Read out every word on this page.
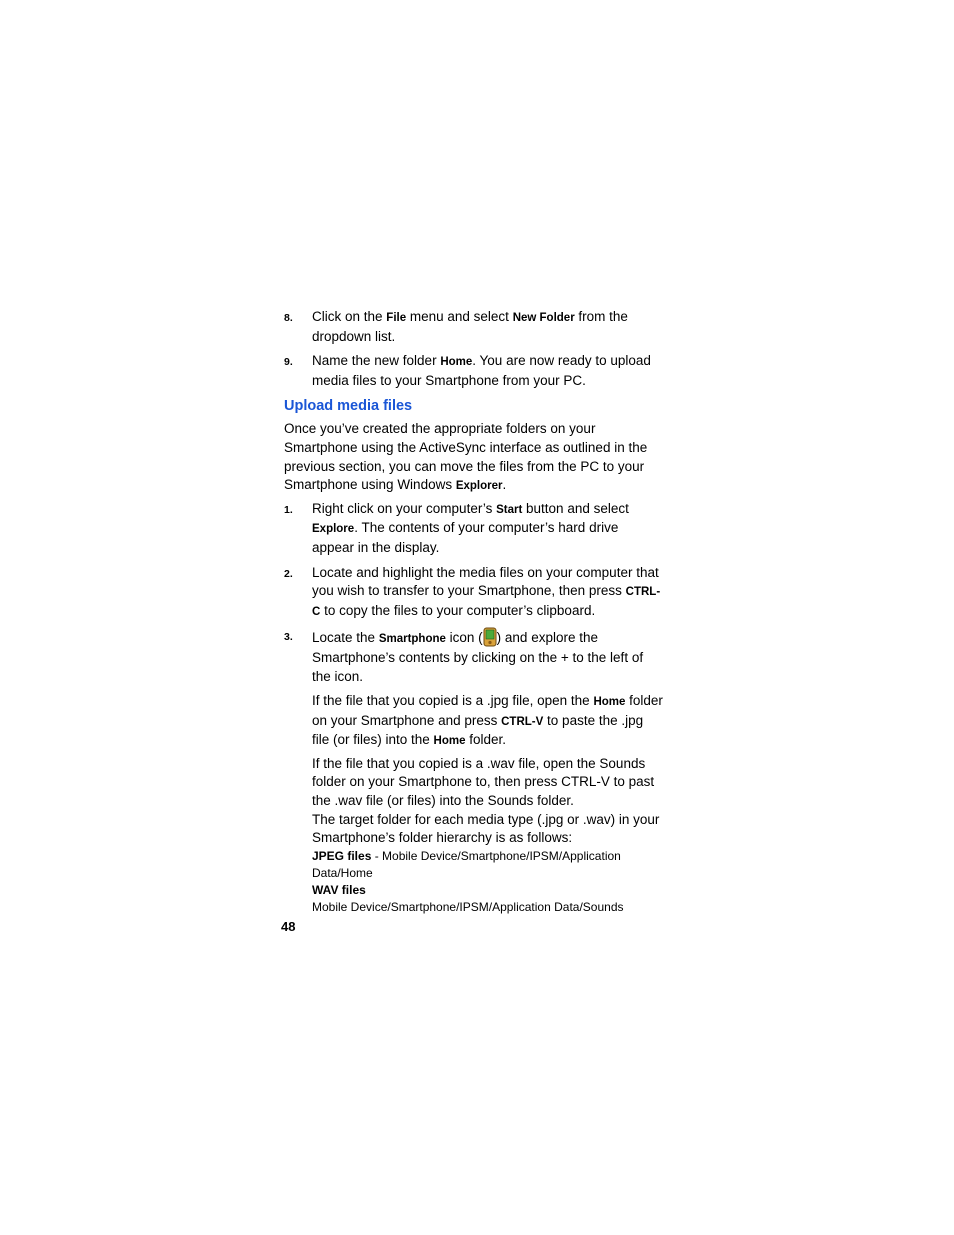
8. Click on the File menu and select New Folder from the dropdown list.
9. Name the new folder Home. You are now ready to upload media files to your Smartphone from your PC.
Upload media files

Once you’ve created the appropriate folders on your Smartphone using the ActiveSync interface as outlined in the previous section, you can move the files from the PC to your Smartphone using Windows Explorer.

1. Right click on your computer’s Start button and select Explore. The contents of your computer’s hard drive appear in the display.
2. Locate and highlight the media files on your computer that you wish to transfer to your Smartphone, then press CTRL-C to copy the files to your computer’s clipboard.
3. Locate the Smartphone icon ( ) and explore the Smartphone’s contents by clicking on the + to the left of the icon.

If the file that you copied is a .jpg file, open the Home folder on your Smartphone and press CTRL-V to paste the .jpg file (or files) into the Home folder.

If the file that you copied is a .wav file, open the Sounds folder on your Smartphone to, then press CTRL-V to past the .wav file (or files) into the Sounds folder.

The target folder for each media type (.jpg or .wav) in your Smartphone’s folder hierarchy is as follows:

JPEG files - Mobile Device/Smartphone/IPSM/Application Data/Home

WAV files

Mobile Device/Smartphone/IPSM/Application Data/Sounds

48
